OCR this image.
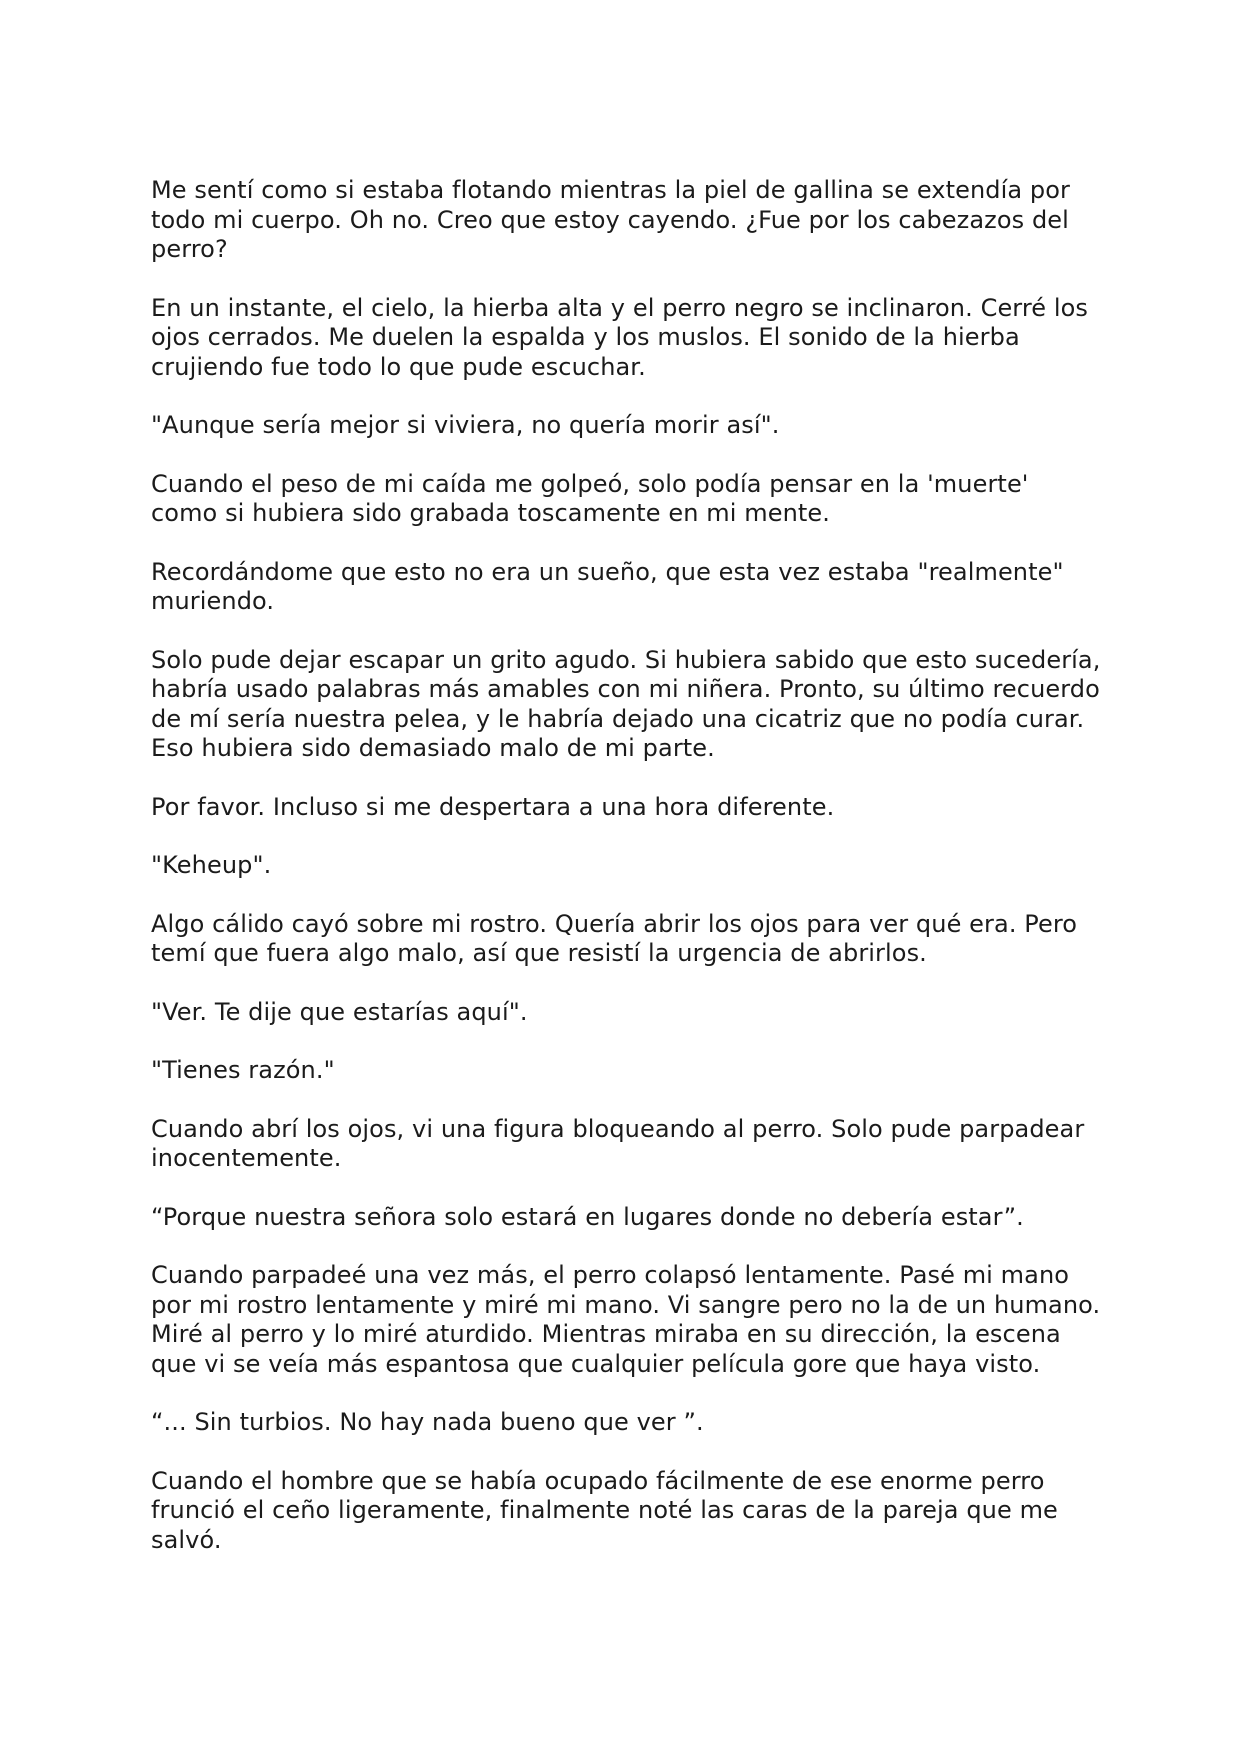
Me sentí como si estaba flotando mientras la piel de gallina se extendía por todo mi cuerpo. Oh no. Creo que estoy cayendo. ¿Fue por los cabezazos del perro?

En un instante, el cielo, la hierba alta y el perro negro se inclinaron. Cerré los ojos cerrados. Me duelen la espalda y los muslos. El sonido de la hierba crujiendo fue todo lo que pude escuchar.

"Aunque sería mejor si viviera, no quería morir así".

Cuando el peso de mi caída me golpeó, solo podía pensar en la 'muerte' como si hubiera sido grabada toscamente en mi mente.

Recordándome que esto no era un sueño, que esta vez estaba "realmente" muriendo.

Solo pude dejar escapar un grito agudo. Si hubiera sabido que esto sucedería, habría usado palabras más amables con mi niñera. Pronto, su último recuerdo de mí sería nuestra pelea, y le habría dejado una cicatriz que no podía curar. Eso hubiera sido demasiado malo de mi parte.

Por favor. Incluso si me despertara a una hora diferente.

"Keheup".

Algo cálido cayó sobre mi rostro. Quería abrir los ojos para ver qué era. Pero temí que fuera algo malo, así que resistí la urgencia de abrirlos.

"Ver. Te dije que estarías aquí".

"Tienes razón."

Cuando abrí los ojos, vi una figura bloqueando al perro. Solo pude parpadear inocentemente.

“Porque nuestra señora solo estará en lugares donde no debería estar”.

Cuando parpadeé una vez más, el perro colapsó lentamente. Pasé mi mano por mi rostro lentamente y miré mi mano. Vi sangre pero no la de un humano. Miré al perro y lo miré aturdido. Mientras miraba en su dirección, la escena que vi se veía más espantosa que cualquier película gore que haya visto.

“... Sin turbios. No hay nada bueno que ver ”.

Cuando el hombre que se había ocupado fácilmente de ese enorme perro frunció el ceño ligeramente, finalmente noté las caras de la pareja que me salvó.
